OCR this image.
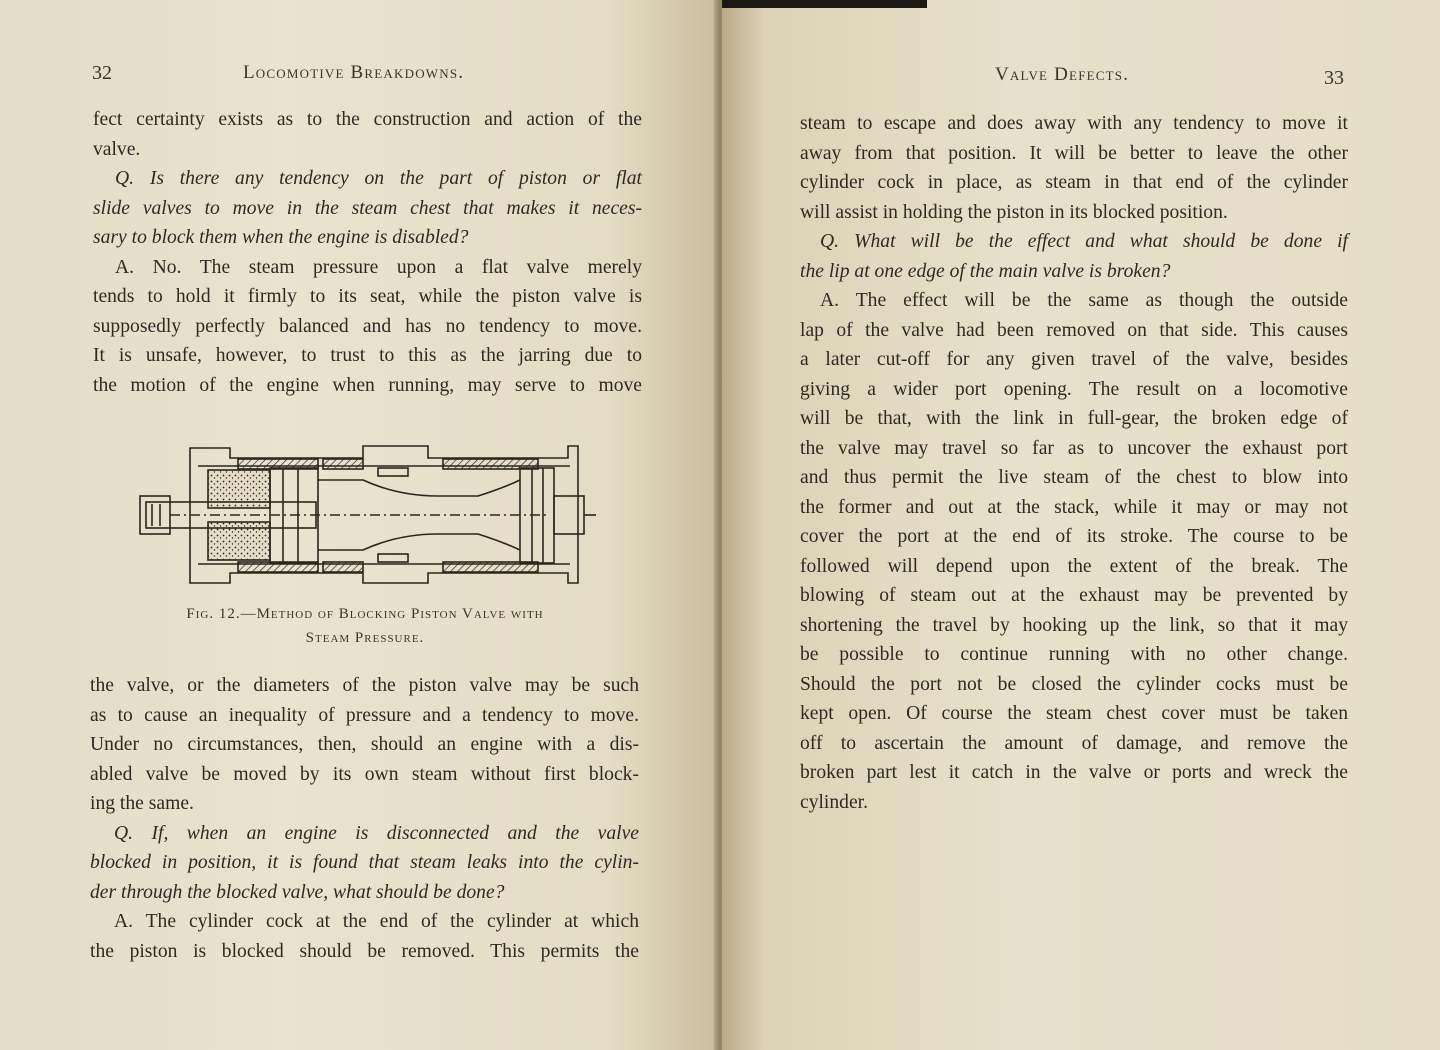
32	Locomotive Breakdowns.
fect certainty exists as to the construction and action of the
valve.
Q. Is there any tendency on the part of piston or flat
slide valves to move in the steam chest that makes it neces-
sary to block them when the engine is disabled?
A. No. The steam pressure upon a flat valve merely
tends to hold it firmly to its seat, while the piston valve is
supposedly perfectly balanced and has no tendency to move.
It is unsafe, however, to trust to this as the jarring due to
the motion of the engine when running, may serve to move
Fig. 12.—Method of Blocking Piston Valve with
Steam Pressure.
the valve, or the diameters of the piston valve may be such
as to cause an inequality of pressure and a tendency to move.
Under no circumstances, then, should an engine with a dis-
abled valve be moved by its own steam without first block-
ing the same.
Q. If, when an engine is disconnected and the valve
blocked in position, it is found that steam leaks into the cylin-
der through the blocked valve, what should be done?
A. The cylinder cock at the end of the cylinder at which
the piston is blocked should be removed. This permits the
Valve Defects.	33
steam to escape and does away with any tendency to move it
away from that position. It will be better to leave the other
cylinder cock in place, as steam in that end of the cylinder
will assist in holding the piston in its blocked position.
Q. What will be the effect and what should be done if
the lip at one edge of the main valve is broken?
A. The effect will be the same as though the outside
lap of the valve had been removed on that side. This causes
a later cut-off for any given travel of the valve, besides
giving a wider port opening. The result on a locomotive
will be that, with the link in full-gear, the broken edge of
the valve may travel so far as to uncover the exhaust port
and thus permit the live steam of the chest to blow into
the former and out at the stack, while it may or may not
cover the port at the end of its stroke. The course to be
followed will depend upon the extent of the break. The
blowing of steam out at the exhaust may be prevented by
shortening the travel by hooking up the link, so that it may
be possible to continue running with no other change.
Should the port not be closed the cylinder cocks must be
kept open. Of course the steam chest cover must be taken
off to ascertain the amount of damage, and remove the
broken part lest it catch in the valve or ports and wreck the
cylinder.
